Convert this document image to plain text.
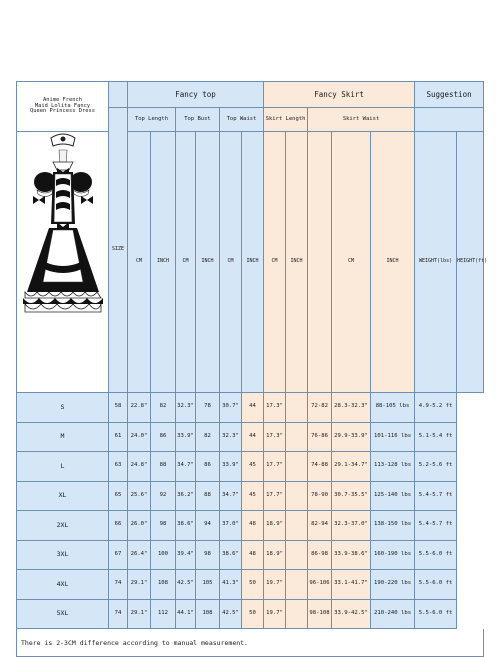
Anime French
Maid Lolita Fancy
Queen Princess Dress		Fancy top						Fancy Skirt					Suggestion	
	SIZE	Top Length		Top Bust		Top Waist		Skirt Length		Skirt Waist				

	CM	INCH	CM	INCH	CM	INCH	CM	INCH		CM	INCH	WEIGHT(lbs)	HEIGHT(ft)
S	58	22.8"	82	32.3"	78	30.7"	44	17.3"		72-82	28.3-32.3"	88-105 lbs	4.9-5.2 ft	
M	61	24.0"	86	33.9"	82	32.3"	44	17.3"		76-86	29.9-33.9"	101-116 lbs	5.1-5.4 ft	
L	63	24.8"	88	34.7"	86	33.9"	45	17.7"		74-88	29.1-34.7"	113-128 lbs	5.2-5.6 ft	
XL	65	25.6"	92	36.2"	88	34.7"	45	17.7"		78-90	30.7-35.5"	125-140 lbs	5.4-5.7 ft	
2XL	66	26.0"	98	38.6"	94	37.0"	48	18.9"		82-94	32.3-37.0"	138-150 lbs	5.4-5.7 ft	
3XL	67	26.4"	100	39.4"	98	38.6"	48	18.9"		86-98	33.9-38.6"	160-190 lbs	5.5-6.0 ft	
4XL	74	29.1"	108	42.5"	105	41.3"	50	19.7"		96-106	33.1-41.7"	190-220 lbs	5.5-6.0 ft	
5XL	74	29.1"	112	44.1"	108	42.5"	50	19.7"		98-108	33.9-42.5"	210-240 lbs	5.5-6.0 ft	
There is 2-3CM difference according to manual measurement.
